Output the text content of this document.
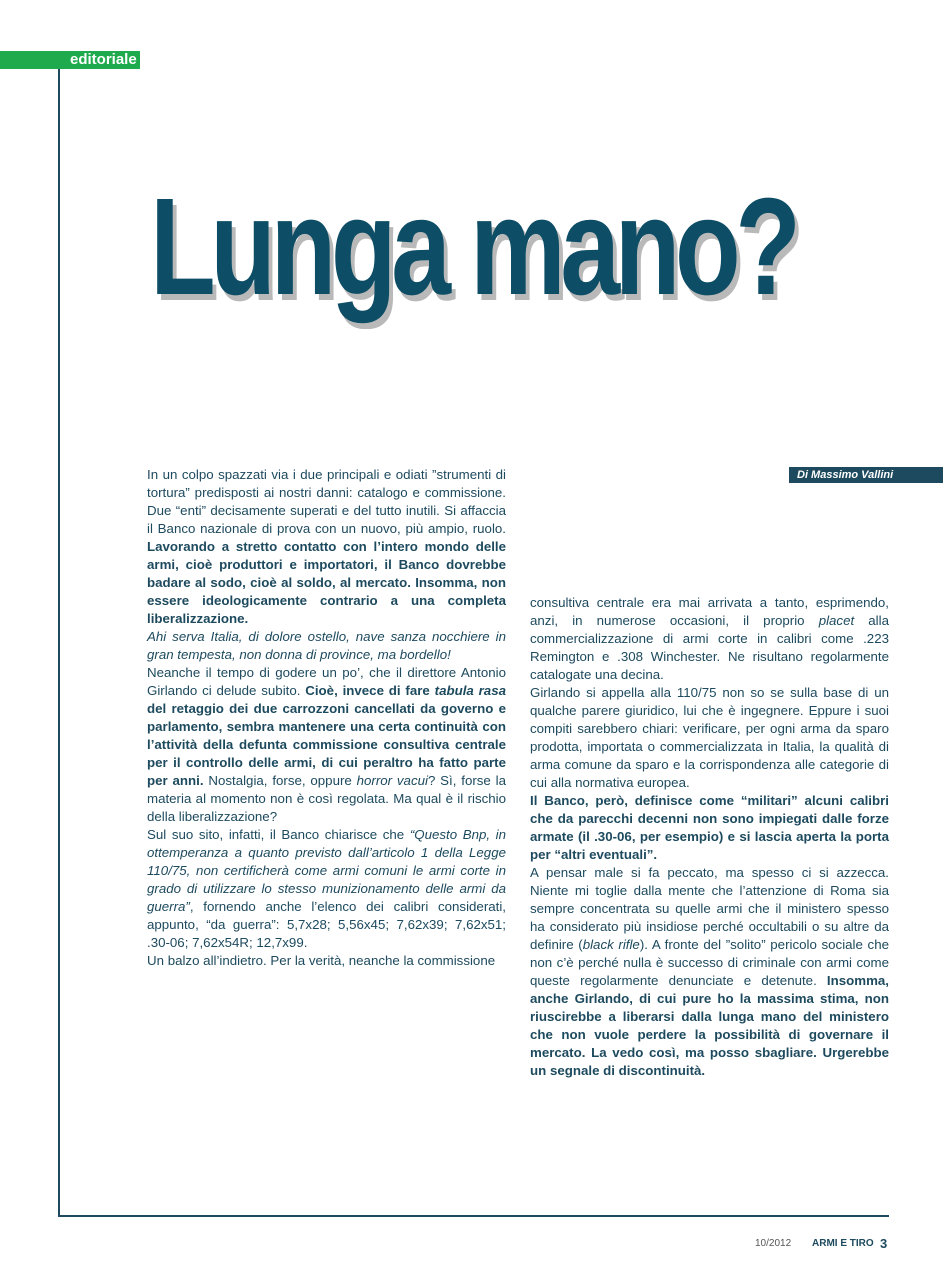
editoriale
Lunga mano?
Di Massimo Vallini

In un colpo spazzati via i due principali e odiati ”strumenti di tortura” predisposti ai nostri danni: catalogo e commissione. Due “enti” decisamente superati e del tutto inutili. Si affaccia il Banco nazionale di prova con un nuovo, più ampio, ruolo. Lavorando a stretto contatto con l’intero mondo delle armi, cioè produttori e importatori, il Banco dovrebbe badare al sodo, cioè al soldo, al mercato. Insomma, non essere ideologicamente contrario a una completa liberalizzazione.

Ahi serva Italia, di dolore ostello, nave sanza nocchiere in gran tempesta, non donna di province, ma bordello!

Neanche il tempo di godere un po’, che il direttore Antonio Girlando ci delude subito. Cioè, invece di fare tabula rasa del retaggio dei due carrozzoni cancellati da governo e parlamento, sembra mantenere una certa continuità con l’attività della defunta commissione consultiva centrale per il controllo delle armi, di cui peraltro ha fatto parte per anni. Nostalgia, forse, oppure horror vacui? Sì, forse la materia al momento non è così regolata. Ma qual è il rischio della liberalizzazione?

Sul suo sito, infatti, il Banco chiarisce che “Questo Bnp, in ottemperanza a quanto previsto dall’articolo 1 della Legge 110/75, non certificherà come armi comuni le armi corte in grado di utilizzare lo stesso munizionamento delle armi da guerra”, fornendo anche l’elenco dei calibri considerati, appunto, “da guerra”: 5,7x28; 5,56x45; 7,62x39; 7,62x51; .30-06; 7,62x54R; 12,7x99.

Un balzo all’indietro. Per la verità, neanche la commissione

consultiva centrale era mai arrivata a tanto, esprimendo, anzi, in numerose occasioni, il proprio placet alla commercializzazione di armi corte in calibri come .223 Remington e .308 Winchester. Ne risultano regolarmente catalogate una decina.

Girlando si appella alla 110/75 non so se sulla base di un qualche parere giuridico, lui che è ingegnere. Eppure i suoi compiti sarebbero chiari: verificare, per ogni arma da sparo prodotta, importata o commercializzata in Italia, la qualità di arma comune da sparo e la corrispondenza alle categorie di cui alla normativa europea.

Il Banco, però, definisce come “militari” alcuni calibri che da parecchi decenni non sono impiegati dalle forze armate (il .30-06, per esempio) e si lascia aperta la porta per “altri eventuali”.

A pensar male si fa peccato, ma spesso ci si azzecca. Niente mi toglie dalla mente che l’attenzione di Roma sia sempre concentrata su quelle armi che il ministero spesso ha considerato più insidiose perché occultabili o su altre da definire (black rifle). A fronte del ”solito” pericolo sociale che non c’è perché nulla è successo di criminale con armi come queste regolarmente denunciate e detenute. Insomma, anche Girlando, di cui pure ho la massima stima, non riuscirebbe a liberarsi dalla lunga mano del ministero che non vuole perdere la possibilità di governare il mercato. La vedo così, ma posso sbagliare. Urgerebbe un segnale di discontinuità.

10/2012 ARMI E TIRO 3
